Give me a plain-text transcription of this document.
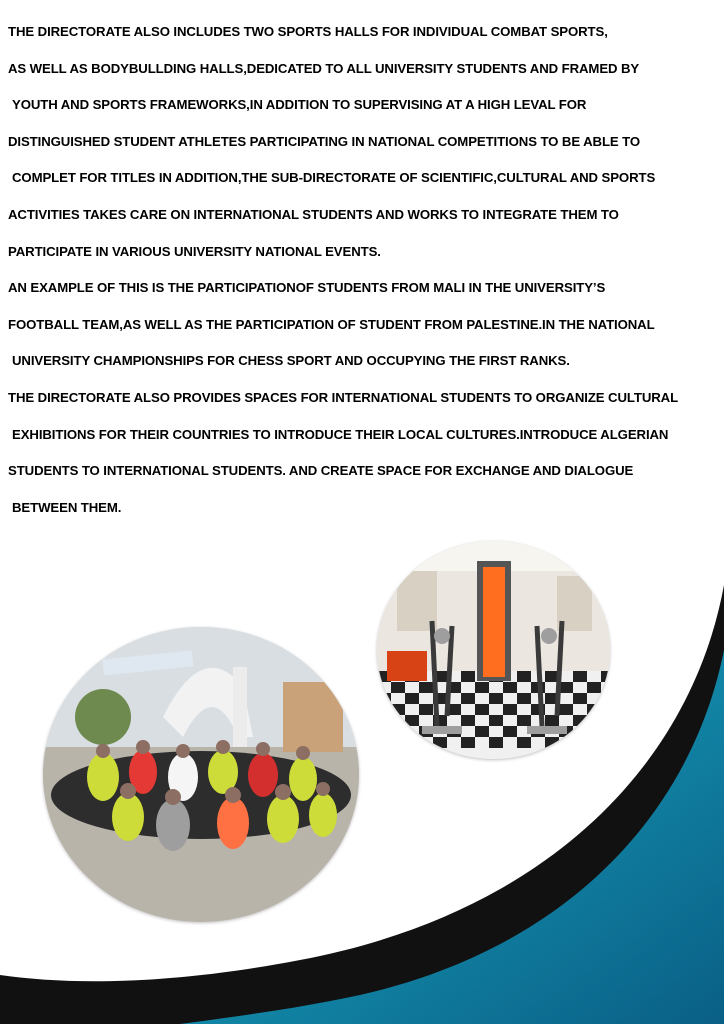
THE DIRECTORATE ALSO INCLUDES TWO SPORTS HALLS FOR INDIVIDUAL COMBAT SPORTS,
AS WELL AS BODYBULLDING HALLS,DEDICATED TO ALL UNIVERSITY STUDENTS AND FRAMED BY
YOUTH AND SPORTS FRAMEWORKS,IN ADDITION TO SUPERVISING AT A HIGH LEVAL FOR
DISTINGUISHED STUDENT ATHLETES PARTICIPATING IN NATIONAL COMPETITIONS TO BE ABLE TO
COMPLET FOR TITLES IN ADDITION,THE SUB-DIRECTORATE OF SCIENTIFIC,CULTURAL AND SPORTS
ACTIVITIES TAKES CARE ON INTERNATIONAL STUDENTS AND WORKS TO INTEGRATE THEM TO
PARTICIPATE IN VARIOUS UNIVERSITY NATIONAL EVENTS.
AN EXAMPLE OF THIS IS THE PARTICIPATIONOF STUDENTS FROM MALI IN THE UNIVERSITY’S
FOOTBALL TEAM,AS WELL AS THE PARTICIPATION OF STUDENT FROM PALESTINE.IN THE NATIONAL
UNIVERSITY CHAMPIONSHIPS FOR CHESS SPORT AND OCCUPYING THE FIRST RANKS.
THE DIRECTORATE ALSO PROVIDES SPACES FOR INTERNATIONAL STUDENTS TO ORGANIZE CULTURAL
EXHIBITIONS FOR THEIR COUNTRIES TO INTRODUCE THEIR LOCAL CULTURES.INTRODUCE ALGERIAN
STUDENTS TO INTERNATIONAL STUDENTS. AND CREATE SPACE FOR EXCHANGE AND DIALOGUE
BETWEEN THEM.
